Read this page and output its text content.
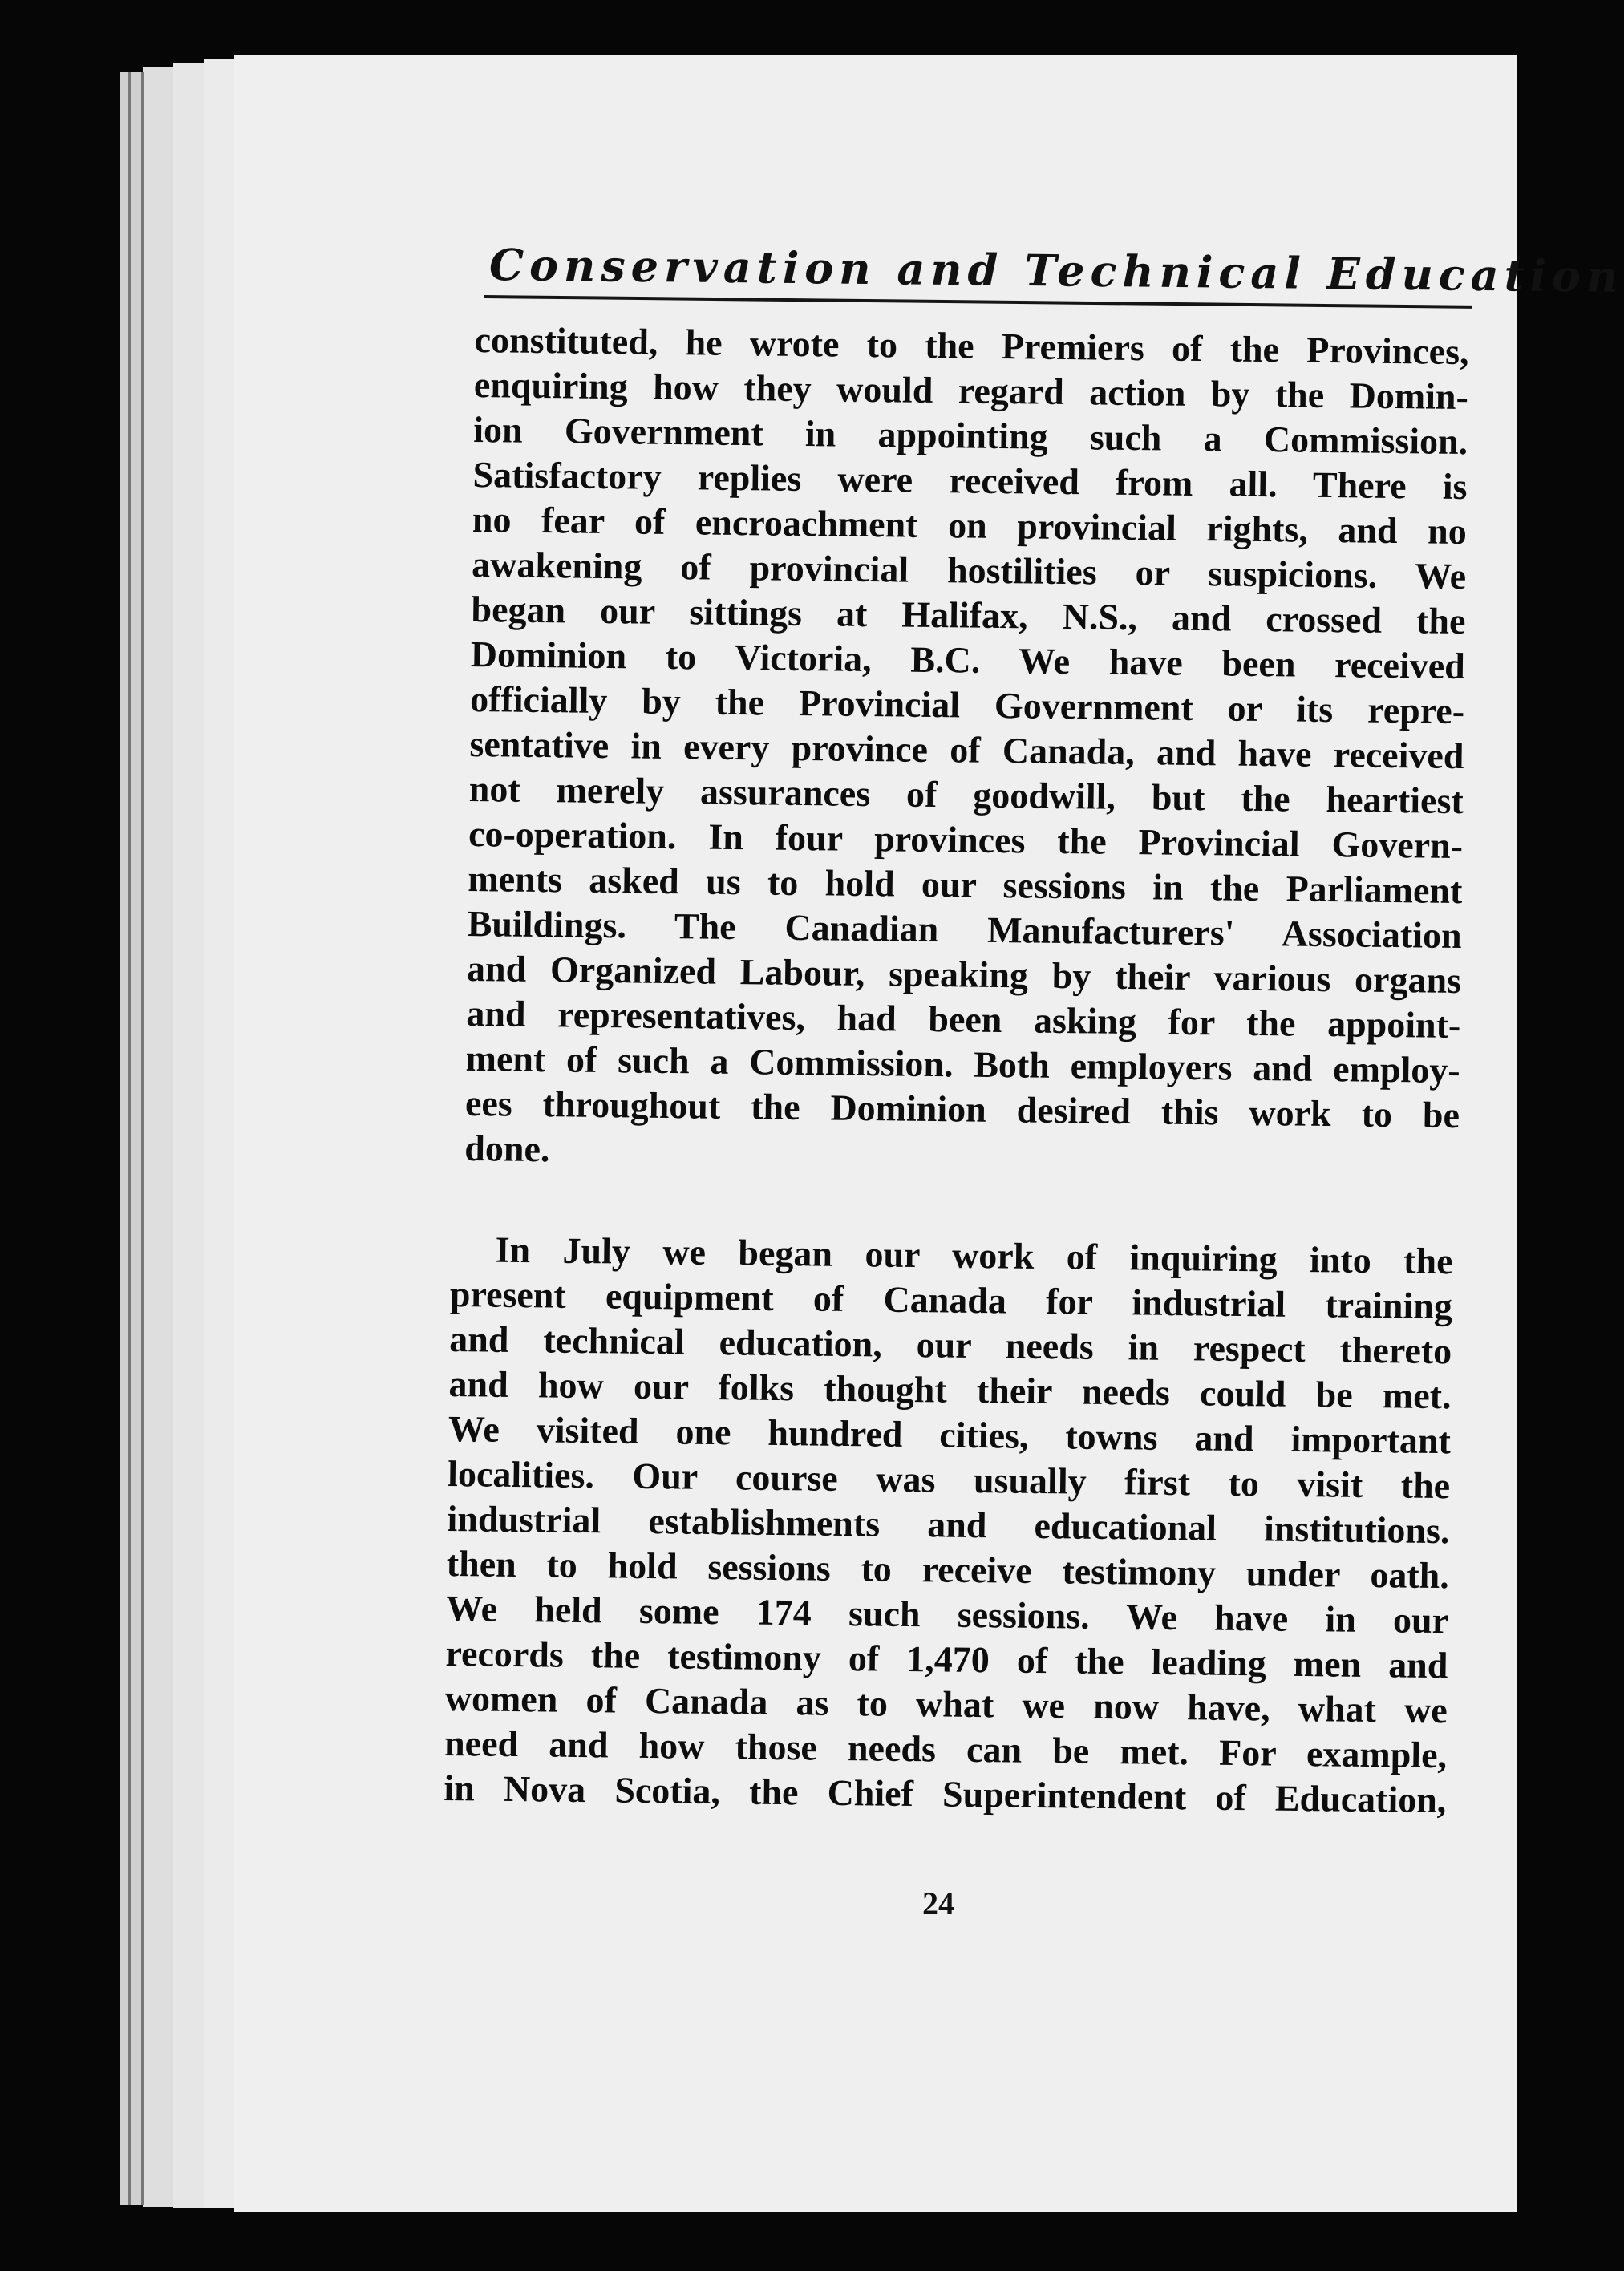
Conservation and Technical Education
constituted, he wrote to the Premiers of the Provinces,
enquiring how they would regard action by the Domin-
ion Government in appointing such a Commission.
Satisfactory replies were received from all. There is
no fear of encroachment on provincial rights, and no
awakening of provincial hostilities or suspicions. We
began our sittings at Halifax, N.S., and crossed the
Dominion to Victoria, B.C. We have been received
officially by the Provincial Government or its repre-
sentative in every province of Canada, and have received
not merely assurances of goodwill, but the heartiest
co-operation. In four provinces the Provincial Govern-
ments asked us to hold our sessions in the Parliament
Buildings. The Canadian Manufacturers' Association
and Organized Labour, speaking by their various organs
and representatives, had been asking for the appoint-
ment of such a Commission. Both employers and employ-
ees throughout the Dominion desired this work to be
done.
In July we began our work of inquiring into the
present equipment of Canada for industrial training
and technical education, our needs in respect thereto
and how our folks thought their needs could be met.
We visited one hundred cities, towns and important
localities. Our course was usually first to visit the
industrial establishments and educational institutions.
then to hold sessions to receive testimony under oath.
We held some 174 such sessions. We have in our
records the testimony of 1,470 of the leading men and
women of Canada as to what we now have, what we
need and how those needs can be met. For example,
in Nova Scotia, the Chief Superintendent of Education,
24
